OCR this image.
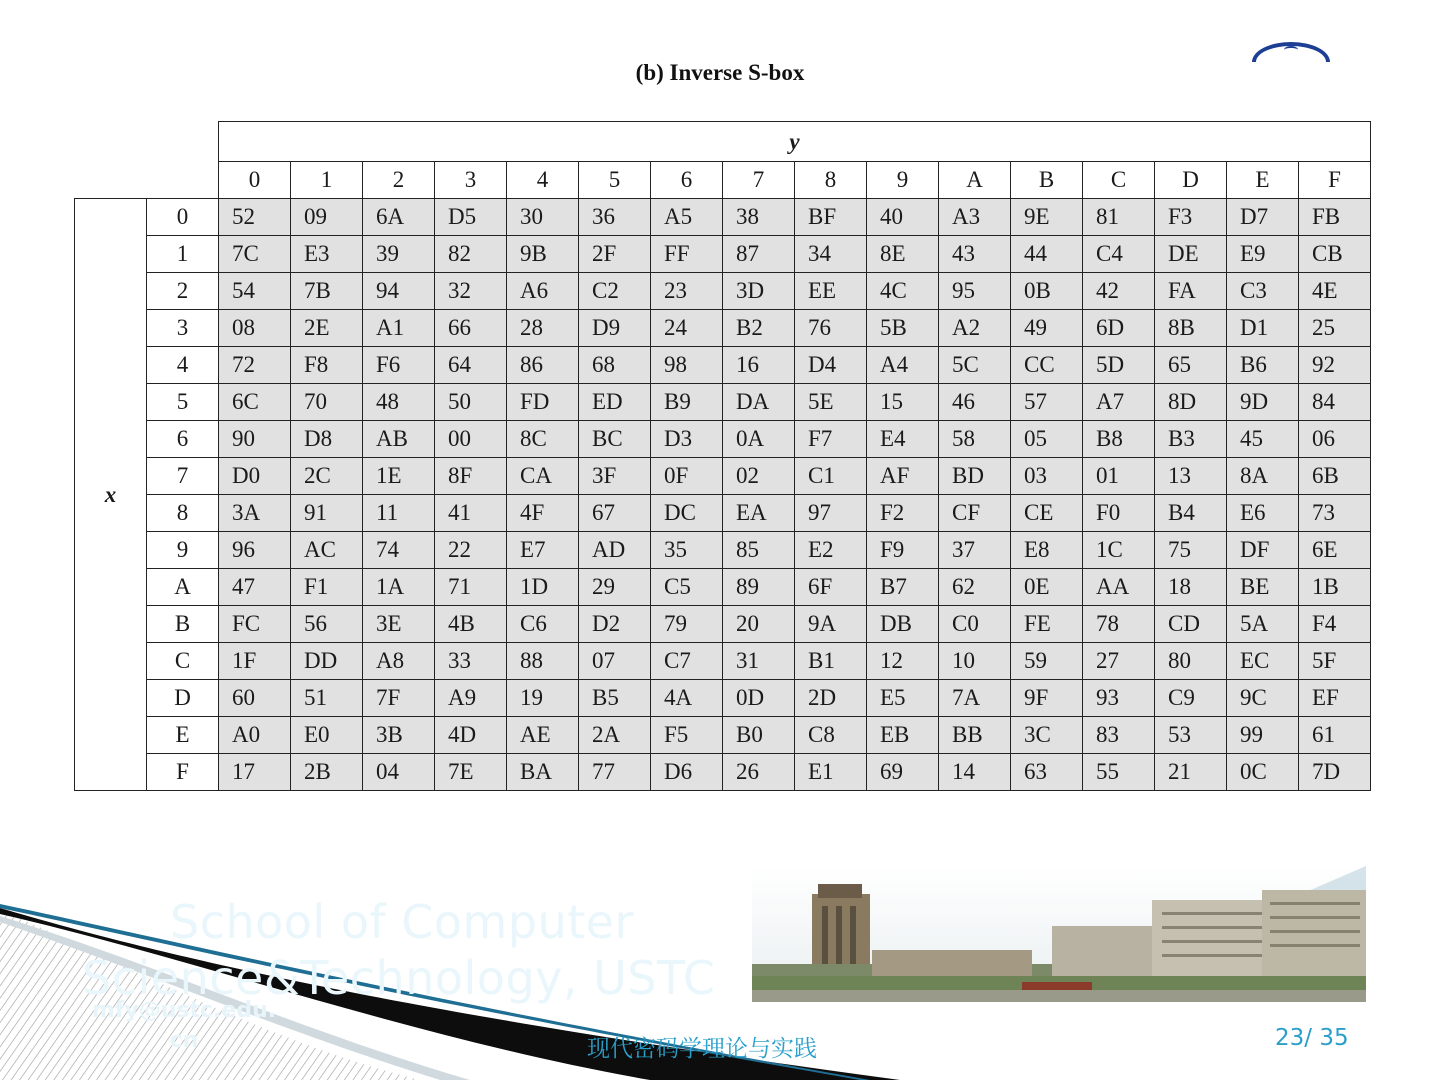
(b) Inverse S-box
		y															
		0	1	2	3	4	5	6	7	8	9	A	B	C	D	E	F
x	0	52	09	6A	D5	30	36	A5	38	BF	40	A3	9E	81	F3	D7	FB
	1	7C	E3	39	82	9B	2F	FF	87	34	8E	43	44	C4	DE	E9	CB
	2	54	7B	94	32	A6	C2	23	3D	EE	4C	95	0B	42	FA	C3	4E
	3	08	2E	A1	66	28	D9	24	B2	76	5B	A2	49	6D	8B	D1	25
	4	72	F8	F6	64	86	68	98	16	D4	A4	5C	CC	5D	65	B6	92
	5	6C	70	48	50	FD	ED	B9	DA	5E	15	46	57	A7	8D	9D	84
	6	90	D8	AB	00	8C	BC	D3	0A	F7	E4	58	05	B8	B3	45	06
	7	D0	2C	1E	8F	CA	3F	0F	02	C1	AF	BD	03	01	13	8A	6B
	8	3A	91	11	41	4F	67	DC	EA	97	F2	CF	CE	F0	B4	E6	73
	9	96	AC	74	22	E7	AD	35	85	E2	F9	37	E8	1C	75	DF	6E
	A	47	F1	1A	71	1D	29	C5	89	6F	B7	62	0E	AA	18	BE	1B
	B	FC	56	3E	4B	C6	D2	79	20	9A	DB	C0	FE	78	CD	5A	F4
	C	1F	DD	A8	33	88	07	C7	31	B1	12	10	59	27	80	EC	5F
	D	60	51	7F	A9	19	B5	4A	0D	2D	E5	7A	9F	93	C9	9C	EF
	E	A0	E0	3B	4D	AE	2A	F5	B0	C8	EB	BB	3C	83	53	99	61
	F	17	2B	04	7E	BA	77	D6	26	E1	69	14	63	55	21	0C	7D
School of Computer
Science&Technology, USTC
mfy@ustc.edu.
cn	现代密码学理论与实践	23/ 35
